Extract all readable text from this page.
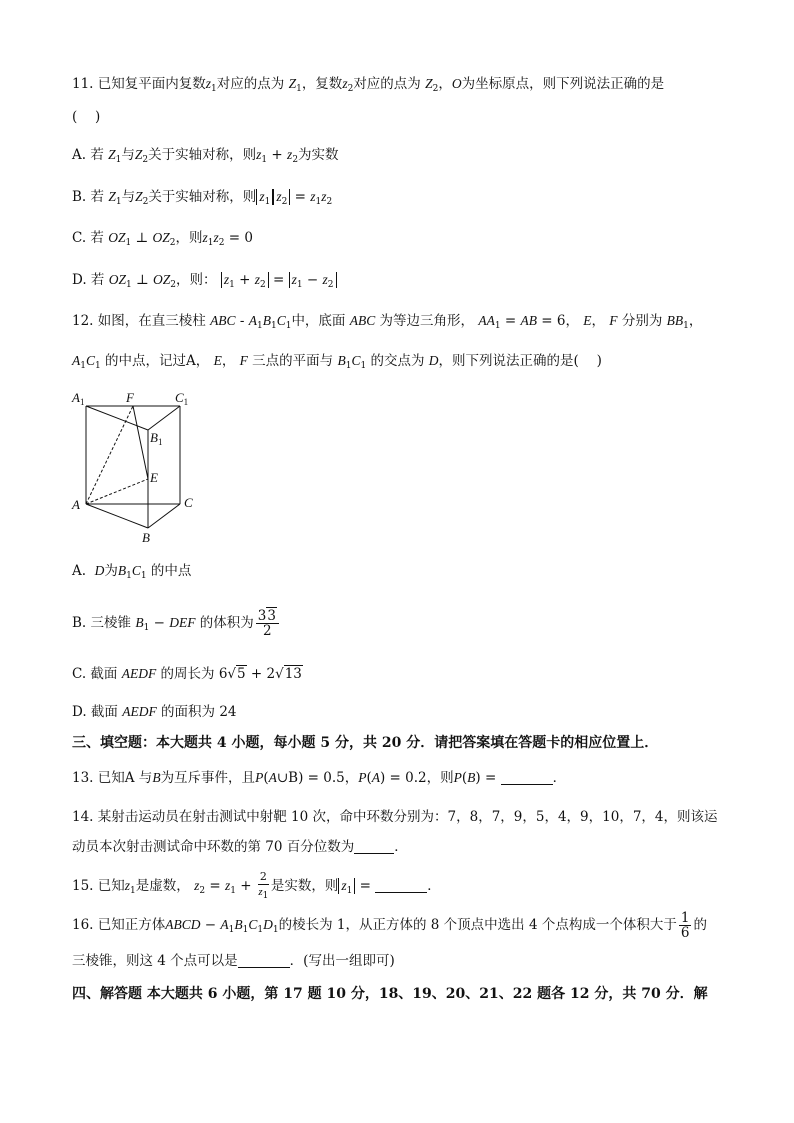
11. 已知复平面内复数$z_1$对应的点为 $Z_1$，复数$z_2$对应的点为 $Z_2$，O为坐标原点，则下列说法正确的是
(　 )
A. 若 $Z_1$与$Z_2$关于实轴对称，则$z_1 + z_2$为实数
B. 若 $Z_1$与$Z_2$关于实轴对称，则 $z_1$ $z_2 = z_1z_2$
C. 若 $OZ_1$ ⊥ $OZ_2$，则$z_1z_2 = 0$
D. 若 $OZ_1$ ⊥ $OZ_2$，则： $z_1 + z_2 = z_1 - z_2$
12. 如图，在直三棱柱 ABC - $A_1B_1C_1$中，底面 ABC 为等边三角形， $AA_1$ = AB = 6， E， F 分别为 $BB_1$，
$A_1C_1$ 的中点，记过A， E， F 三点的平面与 $B_1C_1$ 的交点为 D，则下列说法正确的是(　 )
$A_1$	F	$C_1$
$B_1$
E
A	C
B
A. D为$B_1C_1$ 的中点
B. 三棱锥 $B_1$ − DEF 的体积为 $\frac{33}{2}$
C. 截面 AEDF 的周长为 6√5 + 2√13
D. 截面 AEDF 的面积为 24
三、填空题：本大题共 4 小题，每小题 5 分，共 20 分．请把答案填在答题卡的相应位置上．
13. 已知A 与B为互斥事件，且P(A∪B) = 0.5，P(A) = 0.2，则P(B) =	．
14. 某射击运动员在射击测试中射靶 10 次，命中环数分别为：7，8，7，9，5，4，9，10，7，4，则该运
动员本次射击测试命中环数的第 70 百分位数为	．
15. 已知$z_1$是虚数， $z_2 = z_1 + \frac{2}{z_1}$ 是实数，则 $z_1$ =	．
16. 已知正方体ABCD − $A_1B_1C_1D_1$的棱长为 1，从正方体的 8 个顶点中选出 4 个点构成一个体积大于 $\frac{1}{6}$ 的
三棱锥，则这 4 个点可以是	．(写出一组即可)
四、解答题 本大题共 6 小题，第 17 题 10 分，18、19、20、21、22 题各 12 分，共 70 分．解
